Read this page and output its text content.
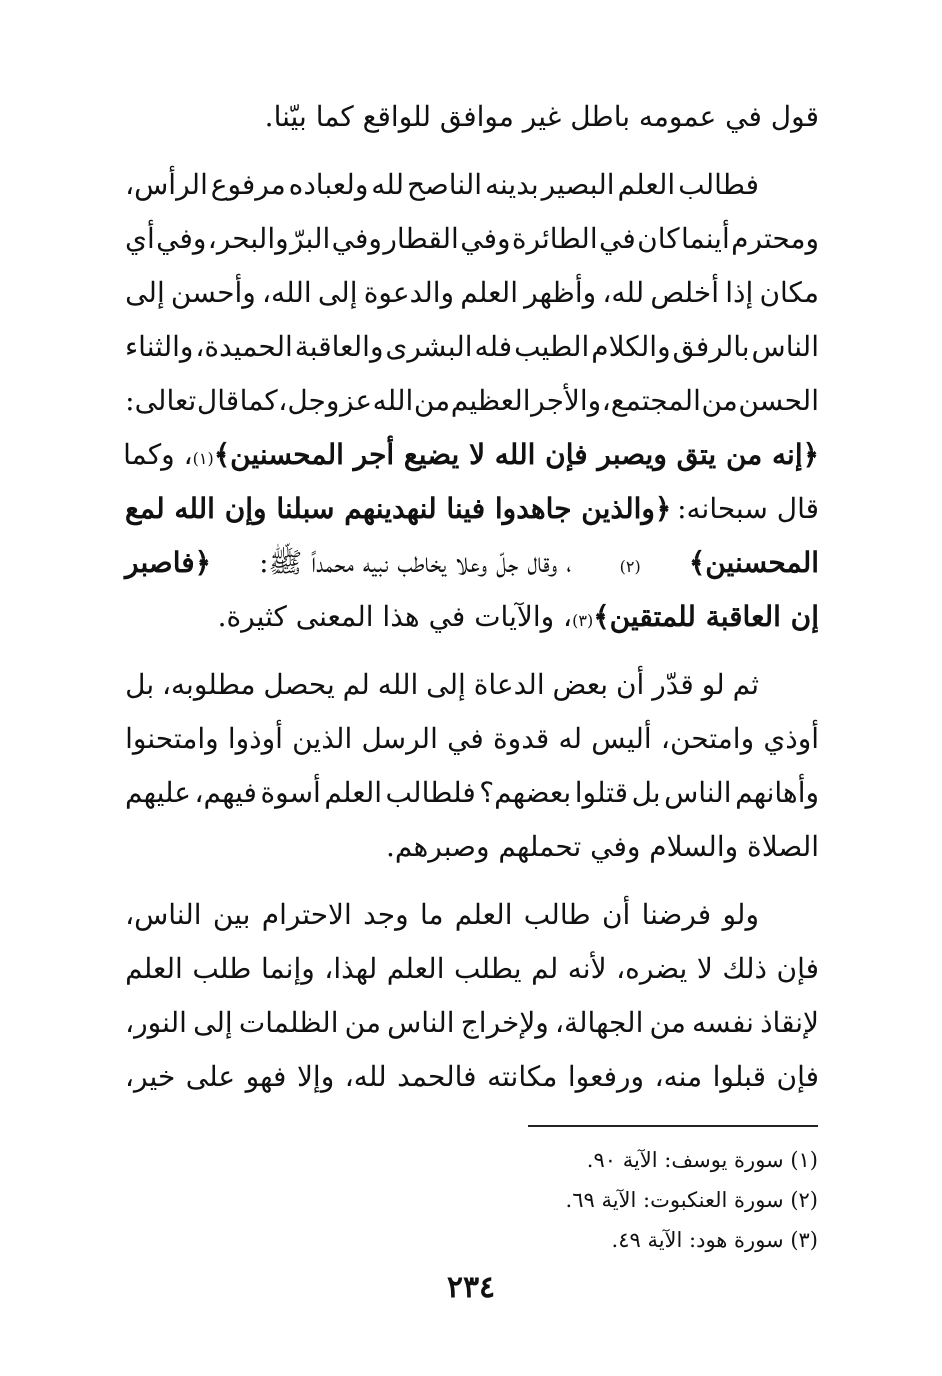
قول في عمومه باطل غير موافق للواقع كما بيّنا.
فطالب
العلم
البصير
بدينه
الناصح
لله
ولعباده
مرفوع
الرأس،
ومحترم
أينما
كان
في
الطائرة
وفي
القطار
وفي
البرّ
والبحر،
وفي
أي
مكان
إذا
أخلص
لله،
وأظهر
العلم
والدعوة
إلى
الله،
وأحسن
إلى
الناس
بالرفق
والكلام
الطيب
فله
البشرى
والعاقبة
الحميدة،
والثناء
الحسن
من
المجتمع،
والأجر
العظيم
من
الله
عز
وجل،
كما
قال
تعالى:
﴿إنه من يتق ويصبر فإن الله لا يضيع أجر المحسنين﴾
(١)
، وكما
قال سبحانه:
﴿والذين جاهدوا فينا لنهدينهم سبلنا وإن الله لمع
المحسنين﴾
(٢)
، وقال جلّ وعلا يخاطب نبيه محمداً ﷺ:
﴿فاصبر
إن العاقبة للمتقين﴾
(٣)
، والآيات في هذا المعنى كثيرة.
ثم
لو
قدّر
أن
بعض
الدعاة
إلى
الله
لم
يحصل
مطلوبه،
بل
أوذي
وامتحن،
أليس
له
قدوة
في
الرسل
الذين
أوذوا
وامتحنوا
وأهانهم
الناس
بل
قتلوا
بعضهم؟
فلطالب
العلم
أسوة
فيهم،
عليهم
الصلاة والسلام وفي تحملهم وصبرهم.
ولو
فرضنا
أن
طالب
العلم
ما
وجد
الاحترام
بين
الناس،
فإن
ذلك
لا
يضره،
لأنه
لم
يطلب
العلم
لهذا،
وإنما
طلب
العلم
لإنقاذ
نفسه
من
الجهالة،
ولإخراج
الناس
من
الظلمات
إلى
النور،
فإن
قبلوا
منه،
ورفعوا
مكانته
فالحمد
لله،
وإلا
فهو
على
خير،
(١) سورة يوسف: الآية ٩٠.
(٢) سورة العنكبوت: الآية ٦٩.
(٣) سورة هود: الآية ٤٩.
٢٣٤
